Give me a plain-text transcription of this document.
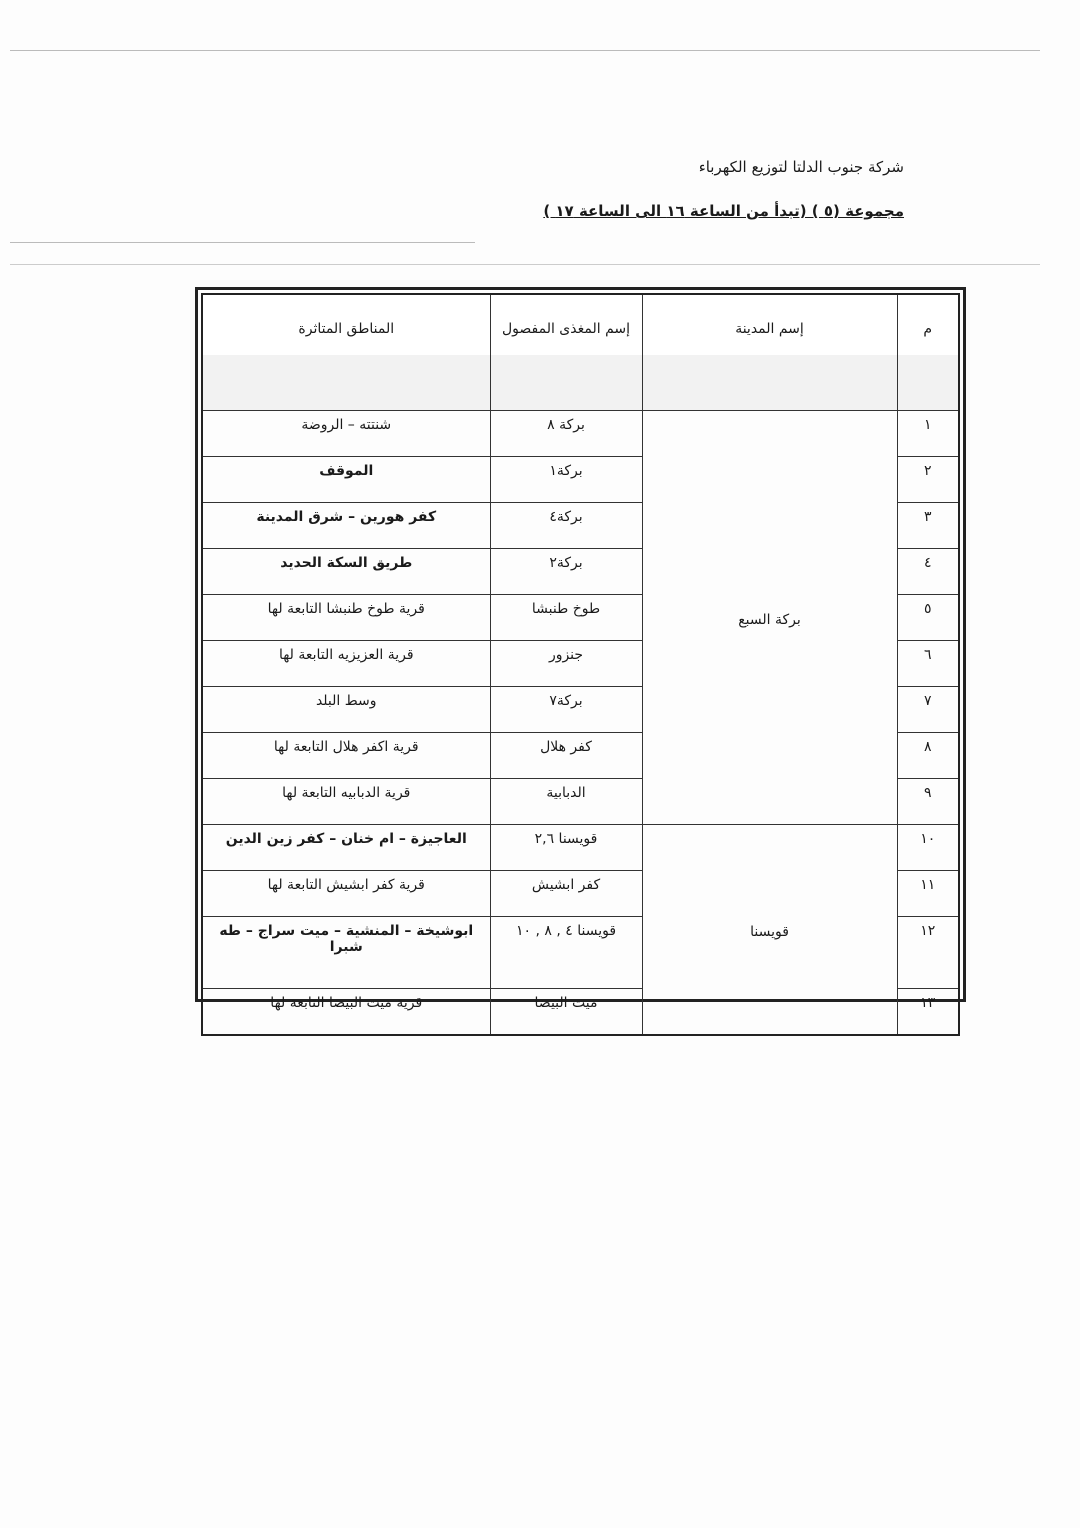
شركة جنوب الدلتا لتوزيع الكهرباء
مجموعة (٥ ) (تبدأ من الساعة ١٦ الى الساعة ١٧ )
م	إسم المدينة	إسم المغذى المفصول	المناطق المتاثرة
١	بركة السبع	بركة ٨	شنتته – الروضة
٢		بركة١	الموقف
٣		بركة٤	كفر هورين – شرق المدينة
٤		بركة٢	طريق السكة الحديد
٥		طوخ طنبشا	قرية طوخ طنبشا التابعة لها
٦		جنزور	قرية العزيزيه التابعة لها
٧		بركة٧	وسط البلد
٨		كفر هلال	قرية اكفر هلال التابعة لها
٩		الدبابية	قرية الدبابيه التابعة لها
١٠	قويسنا	قويسنا ٢,٦	العاجيزة – ام خنان – كفر زين الدين
١١		كفر ابشيش	قرية كفر ابشيش التابعة لها
١٢		قويسنا ٤ , ٨ , ١٠	ابوشيخة – المنشية – ميت سراج – طه شبرا
١٣		ميت البيضا	قرية ميت البيضا التابعة لها
